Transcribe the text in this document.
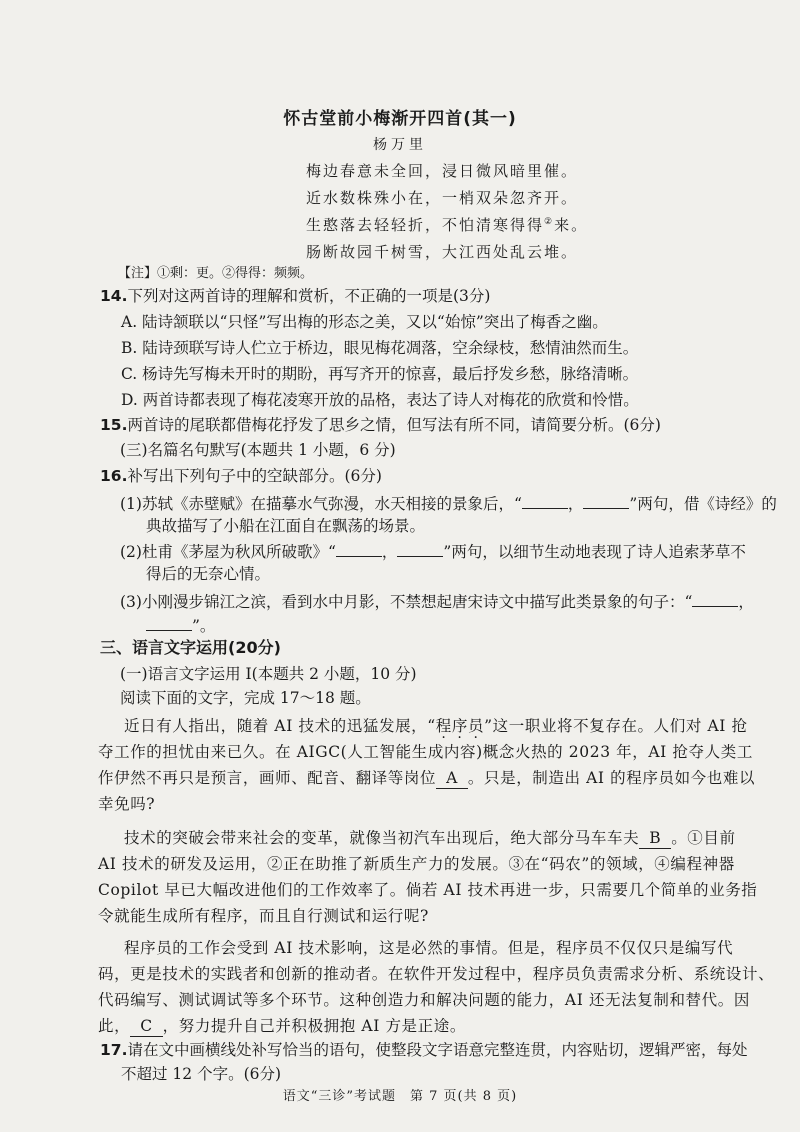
怀古堂前小梅渐开四首(其一)
杨万里
梅边春意未全回，浸日微风暗里催。
近水数株殊小在，一梢双朵忽齐开。
生憨落去轻轻折，不怕清寒得得②来。
肠断故园千树雪，大江西处乱云堆。
【注】①剩：更。②得得：频频。
14.下列对这两首诗的理解和赏析，不正确的一项是(3分)
A. 陆诗颔联以“只怪”写出梅的形态之美，又以“始惊”突出了梅香之幽。
B. 陆诗颈联写诗人伫立于桥边，眼见梅花凋落，空余绿枝，愁情油然而生。
C. 杨诗先写梅未开时的期盼，再写齐开的惊喜，最后抒发乡愁，脉络清晰。
D. 两首诗都表现了梅花凌寒开放的品格，表达了诗人对梅花的欣赏和怜惜。
15.两首诗的尾联都借梅花抒发了思乡之情，但写法有所不同，请简要分析。(6分)
(三)名篇名句默写(本题共 1 小题，6 分)
16.补写出下列句子中的空缺部分。(6分)
(1)苏轼《赤壁赋》在描摹水气弥漫，水天相接的景象后，“	，	”两句，借《诗经》的
典故描写了小船在江面自在飘荡的场景。
(2)杜甫《茅屋为秋风所破歌》“	，	”两句，以细节生动地表现了诗人追索茅草不
得后的无奈心情。
(3)小刚漫步锦江之滨，看到水中月影，不禁想起唐宋诗文中描写此类景象的句子：“	，
”。
三、语言文字运用(20分)
(一)语言文字运用 I(本题共 2 小题，10 分)
阅读下面的文字，完成 17～18 题。
近日有人指出，随着 AI 技术的迅猛发展，“程序员”这一职业将不复存在。人们对 AI 抢
夺工作的担忧由来已久。在 AIGC(人工智能生成内容)概念火热的 2023 年，AI 抢夺人类工
作伊然不再只是预言，画师、配音、翻译等岗位 A 。只是，制造出 AI 的程序员如今也难以
幸免吗?
技术的突破会带来社会的变革，就像当初汽车出现后，绝大部分马车车夫 B 。①目前
AI 技术的研发及运用，②正在助推了新质生产力的发展。③在“码农”的领域，④编程神器
Copilot 早已大幅改进他们的工作效率了。倘若 AI 技术再进一步，只需要几个简单的业务指
令就能生成所有程序，而且自行测试和运行呢?
程序员的工作会受到 AI 技术影响，这是必然的事情。但是，程序员不仅仅只是编写代
码，更是技术的实践者和创新的推动者。在软件开发过程中，程序员负责需求分析、系统设计、
代码编写、测试调试等多个环节。这种创造力和解决问题的能力，AI 还无法复制和替代。因
此， C ，努力提升自己并积极拥抱 AI 方是正途。
17.请在文中画横线处补写恰当的语句，使整段文字语意完整连贯，内容贴切，逻辑严密，每处
不超过 12 个字。(6分)
语文“三诊”考试题　第 7 页(共 8 页)
